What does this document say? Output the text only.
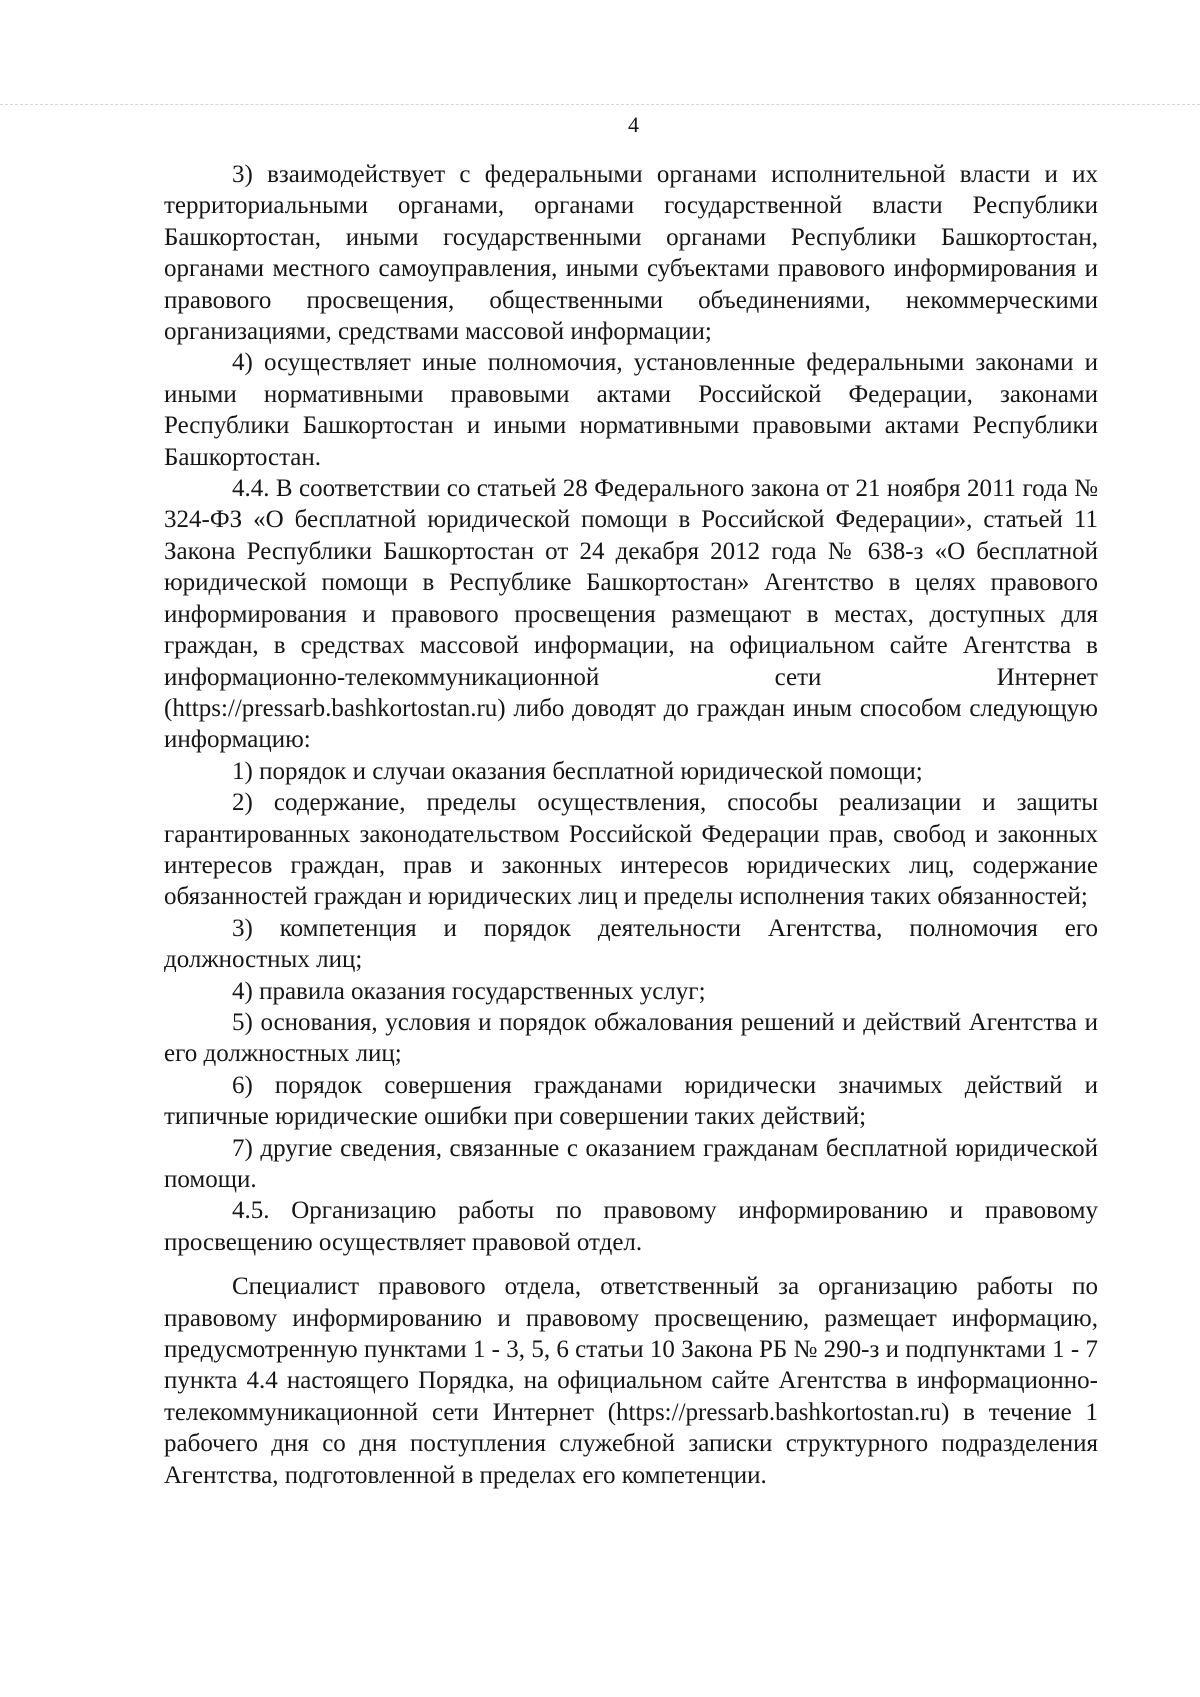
4

3) взаимодействует с федеральными органами исполнительной власти и их территориальными органами, органами государственной власти Республики Башкортостан, иными государственными органами Республики Башкортостан, органами местного самоуправления, иными субъектами правового информирования и правового просвещения, общественными объединениями, некоммерческими организациями, средствами массовой информации;

4) осуществляет иные полномочия, установленные федеральными законами и иными нормативными правовыми актами Российской Федерации, законами Республики Башкортостан и иными нормативными правовыми актами Республики Башкортостан.

4.4. В соответствии со статьей 28 Федерального закона от 21 ноября 2011 года № 324-ФЗ «О бесплатной юридической помощи в Российской Федерации», статьей 11 Закона Республики Башкортостан от 24 декабря 2012 года № 638-з «О бесплатной юридической помощи в Республике Башкортостан» Агентство в целях правового информирования и правового просвещения размещают в местах, доступных для граждан, в средствах массовой информации, на официальном сайте Агентства в информационно-телекоммуникационной сети Интернет (https://pressarb.bashkortostan.ru) либо доводят до граждан иным способом следующую информацию:

1) порядок и случаи оказания бесплатной юридической помощи;

2) содержание, пределы осуществления, способы реализации и защиты гарантированных законодательством Российской Федерации прав, свобод и законных интересов граждан, прав и законных интересов юридических лиц, содержание обязанностей граждан и юридических лиц и пределы исполнения таких обязанностей;

3) компетенция и порядок деятельности Агентства, полномочия его должностных лиц;

4) правила оказания государственных услуг;

5) основания, условия и порядок обжалования решений и действий Агентства и его должностных лиц;

6) порядок совершения гражданами юридически значимых действий и типичные юридические ошибки при совершении таких действий;

7) другие сведения, связанные с оказанием гражданам бесплатной юридической помощи.

4.5. Организацию работы по правовому информированию и правовому просвещению осуществляет правовой отдел.

Специалист правового отдела, ответственный за организацию работы по правовому информированию и правовому просвещению, размещает информацию, предусмотренную пунктами 1 - 3, 5, 6 статьи 10 Закона РБ № 290-з и подпунктами 1 - 7 пункта 4.4 настоящего Порядка, на официальном сайте Агентства в информационно-телекоммуникационной сети Интернет (https://pressarb.bashkortostan.ru) в течение 1 рабочего дня со дня поступления служебной записки структурного подразделения Агентства, подготовленной в пределах его компетенции.
